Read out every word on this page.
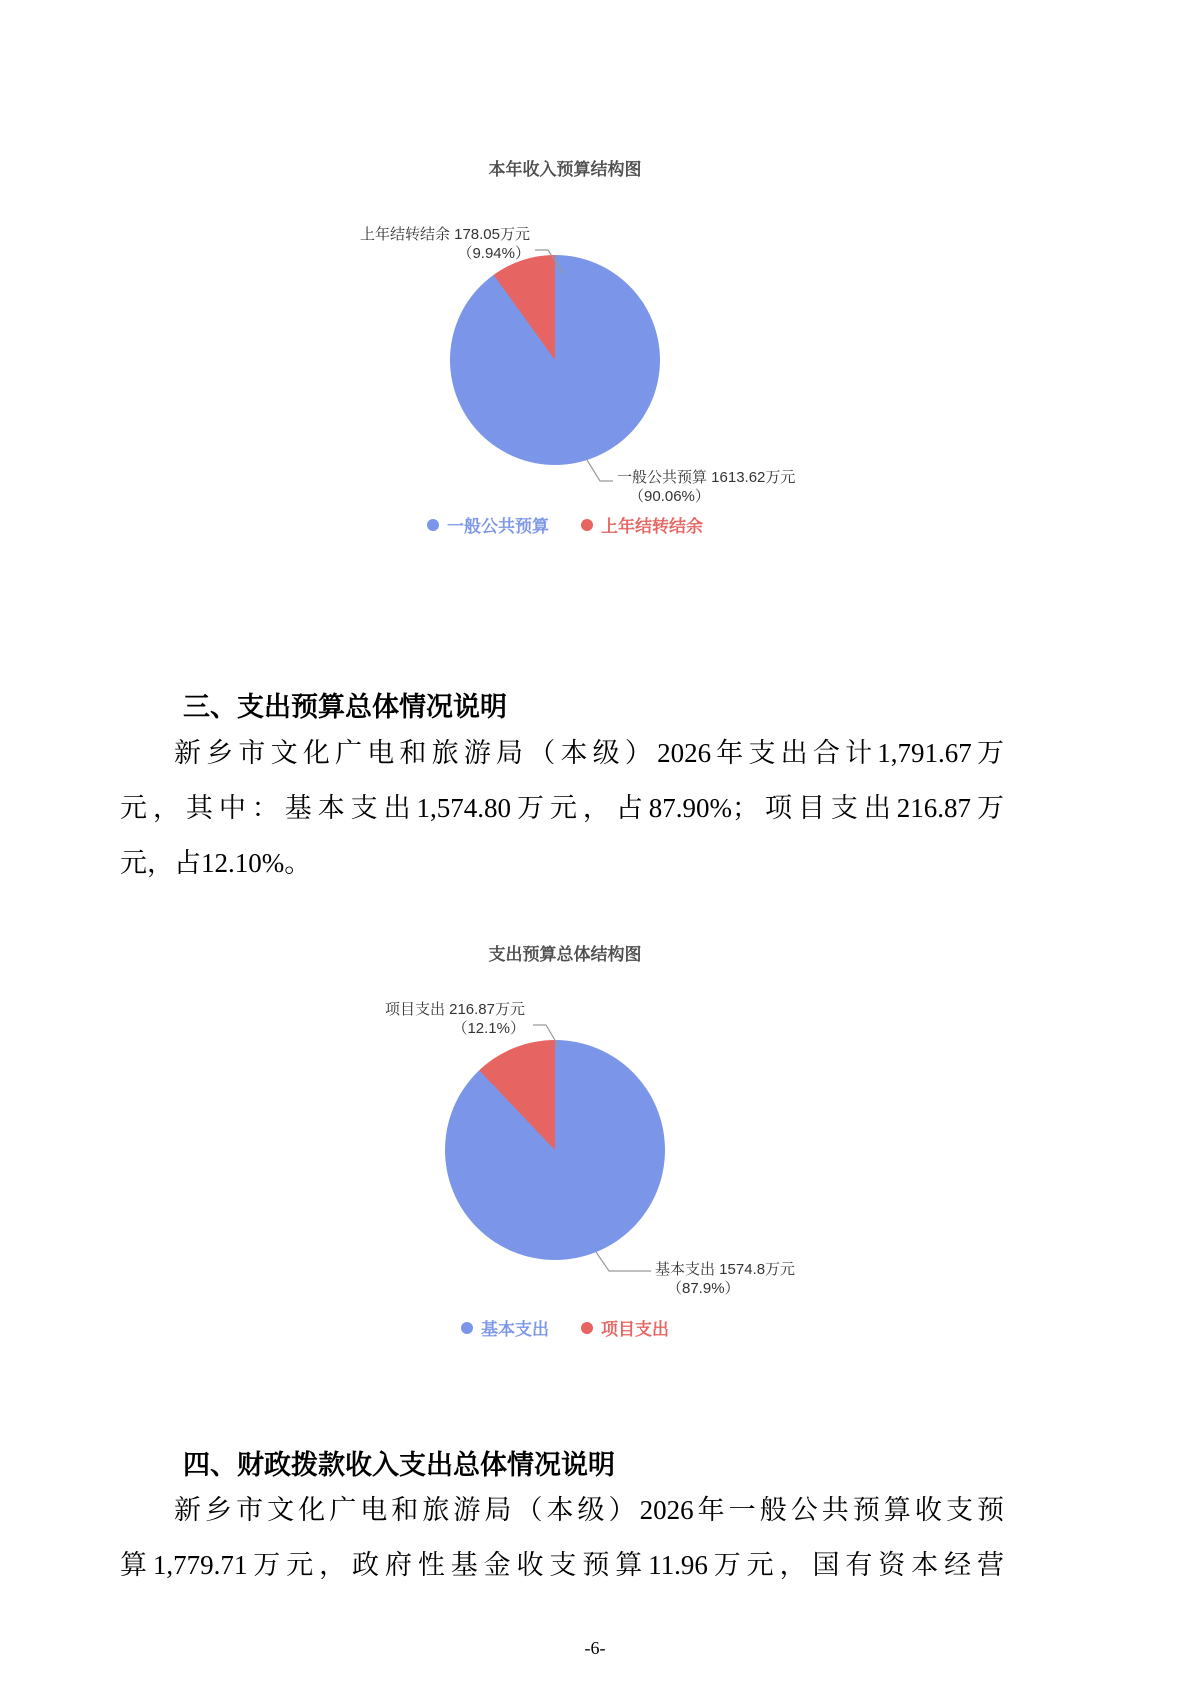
本年收入预算结构图
上年结转结余 178.05万元
（9.94%）
一般公共预算 1613.62万元
（90.06%）
一般公共预算	上年结转结余
三、支出预算总体情况说明
新乡市文化广电和旅游局（本级）2026年支出合计1,791.67万
元，其中：基本支出1,574.80万元，占87.90%；项目支出216.87万
元，占12.10%。
支出预算总体结构图
项目支出 216.87万元
（12.1%）
基本支出 1574.8万元
（87.9%）
基本支出	项目支出
四、财政拨款收入支出总体情况说明
新乡市文化广电和旅游局（本级）2026年一般公共预算收支预
算1,779.71万元，政府性基金收支预算11.96万元，国有资本经营
-6-
